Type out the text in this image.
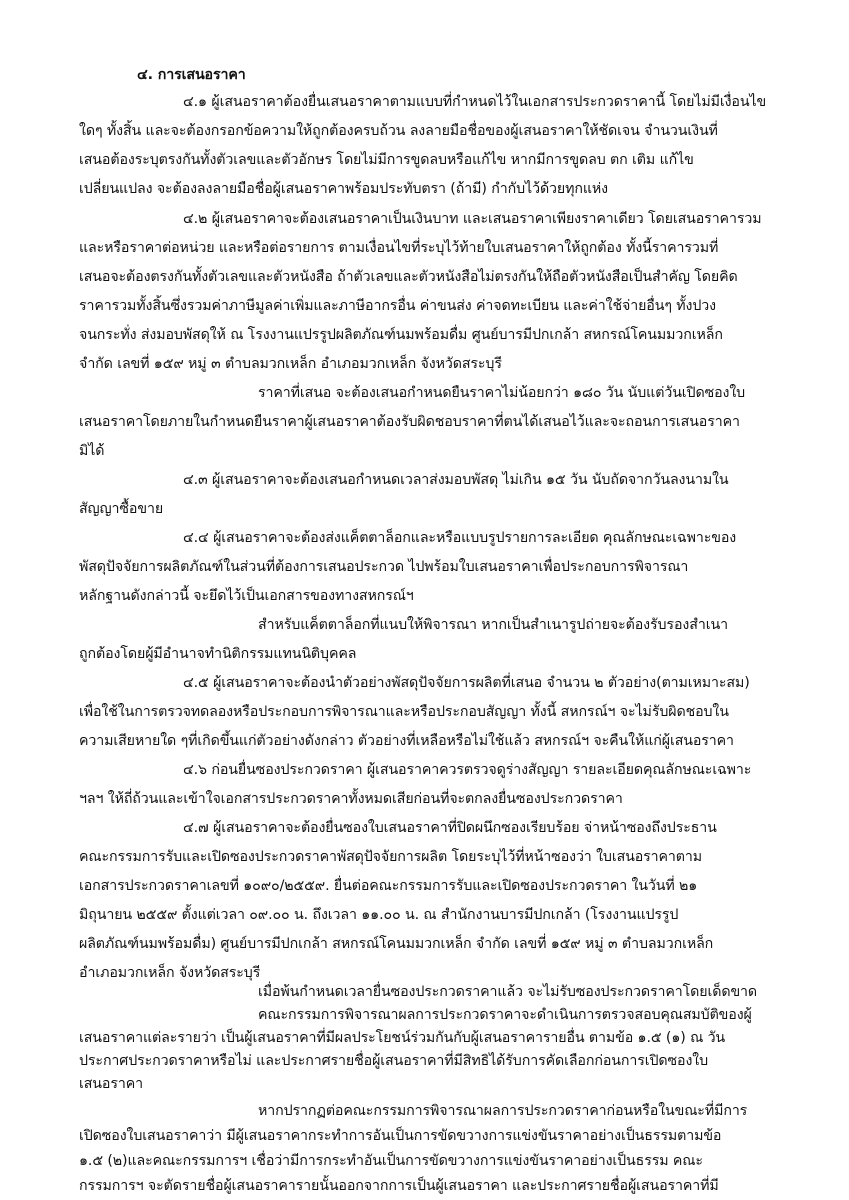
๔. การเสนอราคา
๔.๑ ผู้เสนอราคาต้องยื่นเสนอราคาตามแบบที่กำหนดไว้ในเอกสารประกวดราคานี้ โดยไม่มีเงื่อนไข
ใดๆ ทั้งสิ้น และจะต้องกรอกข้อความให้ถูกต้องครบถ้วน ลงลายมือชื่อของผู้เสนอราคาให้ชัดเจน จำนวนเงินที่
เสนอต้องระบุตรงกันทั้งตัวเลขและตัวอักษร โดยไม่มีการขูดลบหรือแก้ไข หากมีการขูดลบ ตก เติม แก้ไข
เปลี่ยนแปลง จะต้องลงลายมือชื่อผู้เสนอราคาพร้อมประทับตรา (ถ้ามี) กำกับไว้ด้วยทุกแห่ง
๔.๒ ผู้เสนอราคาจะต้องเสนอราคาเป็นเงินบาท และเสนอราคาเพียงราคาเดียว โดยเสนอราคารวม
และหรือราคาต่อหน่วย และหรือต่อรายการ ตามเงื่อนไขที่ระบุไว้ท้ายใบเสนอราคาให้ถูกต้อง ทั้งนี้ราคารวมที่
เสนอจะต้องตรงกันทั้งตัวเลขและตัวหนังสือ ถ้าตัวเลขและตัวหนังสือไม่ตรงกันให้ถือตัวหนังสือเป็นสำคัญ โดยคิด
ราคารวมทั้งสิ้นซึ่งรวมค่าภาษีมูลค่าเพิ่มและภาษีอากรอื่น ค่าขนส่ง ค่าจดทะเบียน และค่าใช้จ่ายอื่นๆ ทั้งปวง
จนกระทั่ง ส่งมอบพัสดุให้ ณ โรงงานแปรรูปผลิตภัณฑ์นมพร้อมดื่ม ศูนย์บารมีปกเกล้า สหกรณ์โคนมมวกเหล็ก
จำกัด เลขที่ ๑๕๙ หมู่ ๓ ตำบลมวกเหล็ก อำเภอมวกเหล็ก จังหวัดสระบุรี
ราคาที่เสนอ จะต้องเสนอกำหนดยืนราคาไม่น้อยกว่า ๑๘๐ วัน นับแต่วันเปิดซองใบ
เสนอราคาโดยภายในกำหนดยืนราคาผู้เสนอราคาต้องรับผิดชอบราคาที่ตนได้เสนอไว้และจะถอนการเสนอราคา
มิได้
๔.๓ ผู้เสนอราคาจะต้องเสนอกำหนดเวลาส่งมอบพัสดุ ไม่เกิน ๑๕ วัน นับถัดจากวันลงนามใน
สัญญาซื้อขาย
๔.๔ ผู้เสนอราคาจะต้องส่งแค็ตตาล็อกและหรือแบบรูปรายการละเอียด คุณลักษณะเฉพาะของ
พัสดุปัจจัยการผลิตภัณฑ์ในส่วนที่ต้องการเสนอประกวด ไปพร้อมใบเสนอราคาเพื่อประกอบการพิจารณา
หลักฐานดังกล่าวนี้ จะยึดไว้เป็นเอกสารของทางสหกรณ์ฯ
สำหรับแค็ตตาล็อกที่แนบให้พิจารณา หากเป็นสำเนารูปถ่ายจะต้องรับรองสำเนา
ถูกต้องโดยผู้มีอำนาจทำนิติกรรมแทนนิติบุคคล
๔.๕ ผู้เสนอราคาจะต้องนำตัวอย่างพัสดุปัจจัยการผลิตที่เสนอ จำนวน ๒ ตัวอย่าง(ตามเหมาะสม)
เพื่อใช้ในการตรวจทดลองหรือประกอบการพิจารณาและหรือประกอบสัญญา ทั้งนี้ สหกรณ์ฯ จะไม่รับผิดชอบใน
ความเสียหายใด ๆที่เกิดขึ้นแก่ตัวอย่างดังกล่าว ตัวอย่างที่เหลือหรือไม่ใช้แล้ว สหกรณ์ฯ จะคืนให้แก่ผู้เสนอราคา
๔.๖ ก่อนยื่นซองประกวดราคา ผู้เสนอราคาควรตรวจดูร่างสัญญา รายละเอียดคุณลักษณะเฉพาะ
ฯลฯ ให้ถี่ถ้วนและเข้าใจเอกสารประกวดราคาทั้งหมดเสียก่อนที่จะตกลงยื่นซองประกวดราคา
๔.๗ ผู้เสนอราคาจะต้องยื่นซองใบเสนอราคาที่ปิดผนึกซองเรียบร้อย จ่าหน้าซองถึงประธาน
คณะกรรมการรับและเปิดซองประกวดราคาพัสดุปัจจัยการผลิต โดยระบุไว้ที่หน้าซองว่า ใบเสนอราคาตาม
เอกสารประกวดราคาเลขที่ ๑๐๙๐/๒๕๕๙. ยื่นต่อคณะกรรมการรับและเปิดซองประกวดราคา ในวันที่ ๒๑
มิถุนายน ๒๕๕๙ ตั้งแต่เวลา ๐๙.๐๐ น. ถึงเวลา ๑๑.๐๐ น. ณ สำนักงานบารมีปกเกล้า (โรงงานแปรรูป
ผลิตภัณฑ์นมพร้อมดื่ม) ศูนย์บารมีปกเกล้า สหกรณ์โคนมมวกเหล็ก จำกัด เลขที่ ๑๕๙ หมู่ ๓ ตำบลมวกเหล็ก
อำเภอมวกเหล็ก จังหวัดสระบุรี
เมื่อพ้นกำหนดเวลายื่นซองประกวดราคาแล้ว จะไม่รับซองประกวดราคาโดยเด็ดขาด
คณะกรรมการพิจารณาผลการประกวดราคาจะดำเนินการตรวจสอบคุณสมบัติของผู้
เสนอราคาแต่ละรายว่า เป็นผู้เสนอราคาที่มีผลประโยชน์ร่วมกันกับผู้เสนอราคารายอื่น ตามข้อ ๑.๕ (๑) ณ วัน
ประกาศประกวดราคาหรือไม่ และประกาศรายชื่อผู้เสนอราคาที่มีสิทธิได้รับการคัดเลือกก่อนการเปิดซองใบ
เสนอราคา
หากปรากฏต่อคณะกรรมการพิจารณาผลการประกวดราคาก่อนหรือในขณะที่มีการ
เปิดซองใบเสนอราคาว่า มีผู้เสนอราคากระทำการอันเป็นการขัดขวางการแข่งขันราคาอย่างเป็นธรรมตามข้อ
๑.๕ (๒)และคณะกรรมการฯ เชื่อว่ามีการกระทำอันเป็นการขัดขวางการแข่งขันราคาอย่างเป็นธรรม คณะ
กรรมการฯ จะตัดรายชื่อผู้เสนอราคารายนั้นออกจากการเป็นผู้เสนอราคา และประกาศรายชื่อผู้เสนอราคาที่มี
